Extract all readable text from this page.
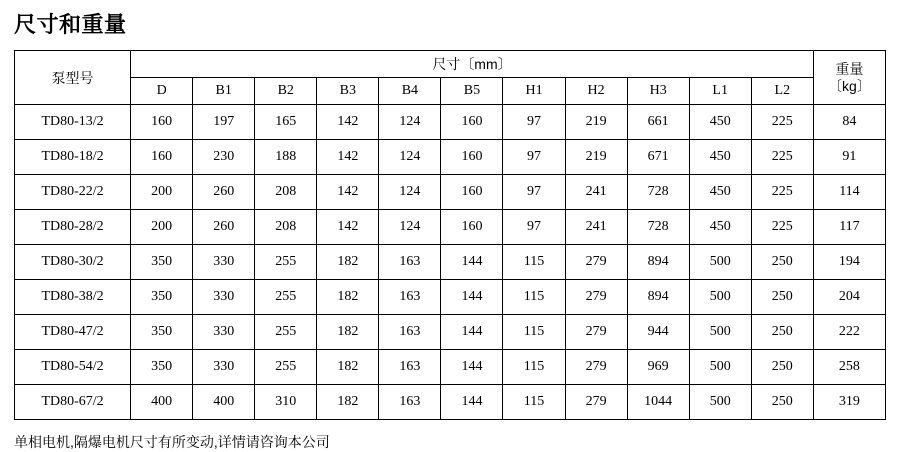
尺寸和重量
泵型号	尺寸〔mm〕											重量
〔kg〕

	D	B1	B2	B3	B4	B5	H1	H2	H3	L1	L2	
TD80-13/2	160	197	165	142	124	160	97	219	661	450	225	84
TD80-18/2	160	230	188	142	124	160	97	219	671	450	225	91
TD80-22/2	200	260	208	142	124	160	97	241	728	450	225	114
TD80-28/2	200	260	208	142	124	160	97	241	728	450	225	117
TD80-30/2	350	330	255	182	163	144	115	279	894	500	250	194
TD80-38/2	350	330	255	182	163	144	115	279	894	500	250	204
TD80-47/2	350	330	255	182	163	144	115	279	944	500	250	222
TD80-54/2	350	330	255	182	163	144	115	279	969	500	250	258
TD80-67/2	400	400	310	182	163	144	115	279	1044	500	250	319
单相电机,隔爆电机尺寸有所变动,详情请咨询本公司
